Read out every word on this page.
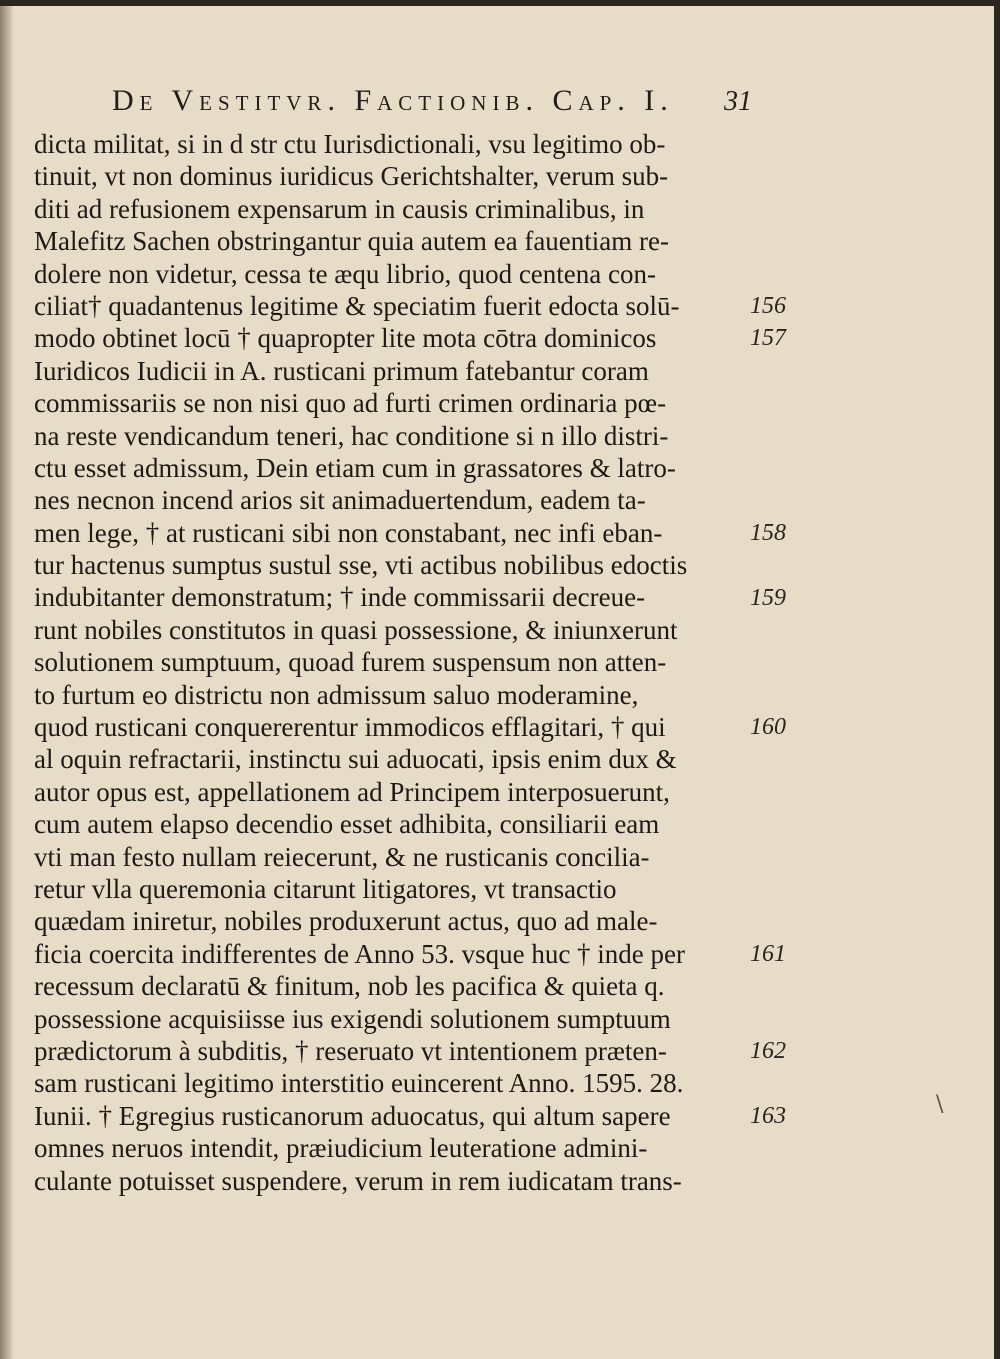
De Vestitvr. Factionib. Cap. I. 31
dicta militat, si in d str ctu Iurisdictionali, vsu legitimo ob-
tinuit, vt non dominus iuridicus Gerichtshalter, verum sub-
diti ad refusionem expensarum in causis criminalibus, in
Malefitz Sachen obstringantur quia autem ea fauentiam re-
dolere non videtur, cessa te æqu librio, quod centena con-
ciliat† quadantenus legitime & speciatim fuerit edocta solū-
modo obtinet locū † quapropter lite mota cōtra dominicos
Iuridicos Iudicii in A. rusticani primum fatebantur coram
commissariis se non nisi quo ad furti crimen ordinaria pœ-
na reste vendicandum teneri, hac conditione si n illo distri-
ctu esset admissum, Dein etiam cum in grassatores & latro-
nes necnon incend arios sit animaduertendum, eadem ta-
men lege, † at rusticani sibi non constabant, nec infi eban-
tur hactenus sumptus sustul sse, vti actibus nobilibus edoctis
indubitanter demonstratum; † inde commissarii decreue-
runt nobiles constitutos in quasi possessione, & iniunxerunt
solutionem sumptuum, quoad furem suspensum non atten-
to furtum eo districtu non admissum saluo moderamine,
quod rusticani conquererentur immodicos efflagitari, † qui
al oquin refractarii, instinctu sui aduocati, ipsis enim dux &
autor opus est, appellationem ad Principem interposuerunt,
cum autem elapso decendio esset adhibita, consiliarii eam
vti man festo nullam reiecerunt, & ne rusticanis concilia-
retur vlla queremonia citarunt litigatores, vt transactio
quædam iniretur, nobiles produxerunt actus, quo ad male-
ficia coercita indifferentes de Anno 53. vsque huc † inde per
recessum declaratū & finitum, nob les pacifica & quieta q.
possessione acquisiisse ius exigendi solutionem sumptuum
prædictorum à subditis, † reseruato vt intentionem præten-
sam rusticani legitimo interstitio euincerent Anno. 1595. 28.
Iunii. † Egregius rusticanorum aduocatus, qui altum sapere
omnes neruos intendit, præiudicium leuteratione admini-
culante potuisset suspendere, verum in rem iudicatam trans-
156
157
158
159
160
161
162
163	\
